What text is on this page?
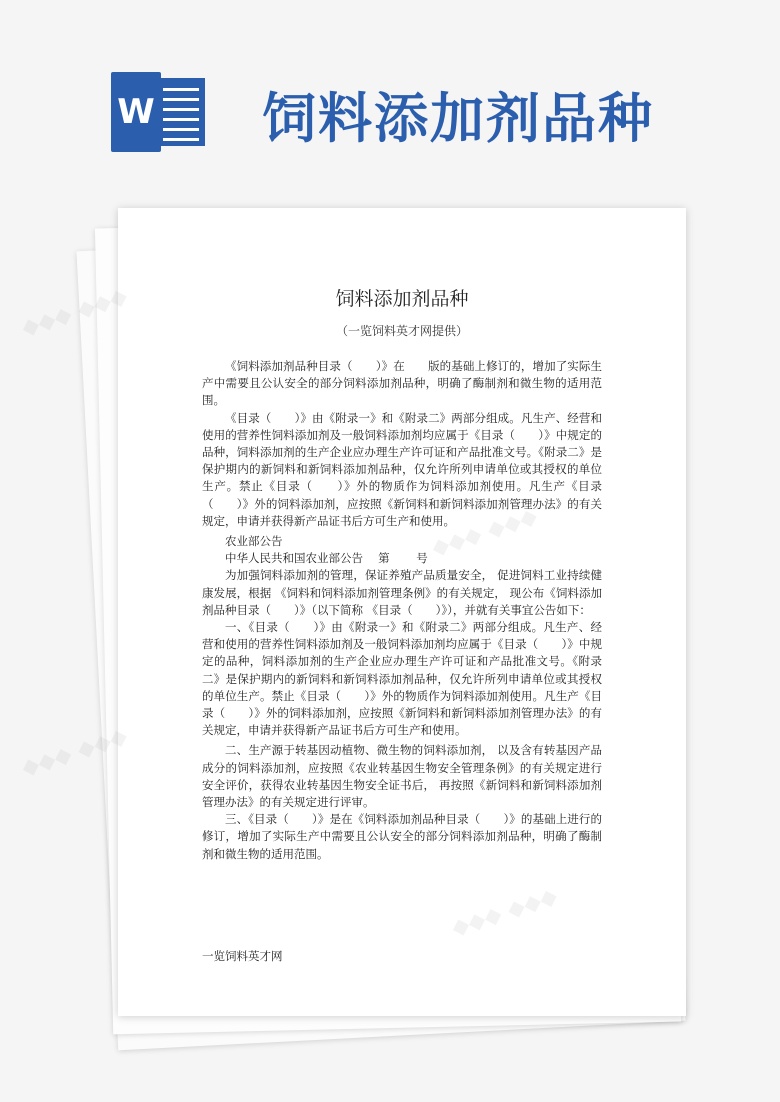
W 饲料添加剂品种
饲料添加剂品种
（一览饲料英才网提供）

《饲料添加剂品种目录（　　）》在　　版的基础上修订的，增加了实际生产中需要且公认安全的部分饲料添加剂品种，明确了酶制剂和微生物的适用范围。

《目录（　　）》由《附录一》和《附录二》两部分组成。凡生产、经营和使用的营养性饲料添加剂及一般饲料添加剂均应属于《目录（　　）》中规定的品种，饲料添加剂的生产企业应办理生产许可证和产品批准文号。《附录二》是保护期内的新饲料和新饲料添加剂品种，仅允许所列申请单位或其授权的单位生产。禁止《目录（　　）》外的物质作为饲料添加剂使用。凡生产《目录（　　）》外的饲料添加剂，应按照《新饲料和新饲料添加剂管理办法》的有关规定，申请并获得新产品证书后方可生产和使用。

农业部公告

中华人民共和国农业部公告　 第　　 号

为加强饲料添加剂的管理，保证养殖产品质量安全， 促进饲料工业持续健康发展，根据 《饲料和饲料添加剂管理条例》的有关规定， 现公布《饲料添加剂品种目录（　　）》（以下简称 《目录（　　）》），并就有关事宜公告如下：

一、《目录（　　）》由《附录一》和《附录二》两部分组成。凡生产、经营和使用的营养性饲料添加剂及一般饲料添加剂均应属于《目录（　　）》中规定的品种，饲料添加剂的生产企业应办理生产许可证和产品批准文号。《附录二》是保护期内的新饲料和新饲料添加剂品种，仅允许所列申请单位或其授权的单位生产。禁止《目录（　　）》外的物质作为饲料添加剂使用。凡生产《目录（　　）》外的饲料添加剂，应按照《新饲料和新饲料添加剂管理办法》的有关规定，申请并获得新产品证书后方可生产和使用。

二、生产源于转基因动植物、微生物的饲料添加剂， 以及含有转基因产品成分的饲料添加剂，应按照《农业转基因生物安全管理条例》的有关规定进行安全评价，获得农业转基因生物安全证书后， 再按照《新饲料和新饲料添加剂管理办法》的有关规定进行评审。

三、《目录（　　）》是在《饲料添加剂品种目录（　　）》的基础上进行的修订，增加了实际生产中需要且公认安全的部分饲料添加剂品种，明确了酶制剂和微生物的适用范围。

一览饲料英才网
◆◆◆ ◆◆◆
◆◆◆ ◆◆◆
